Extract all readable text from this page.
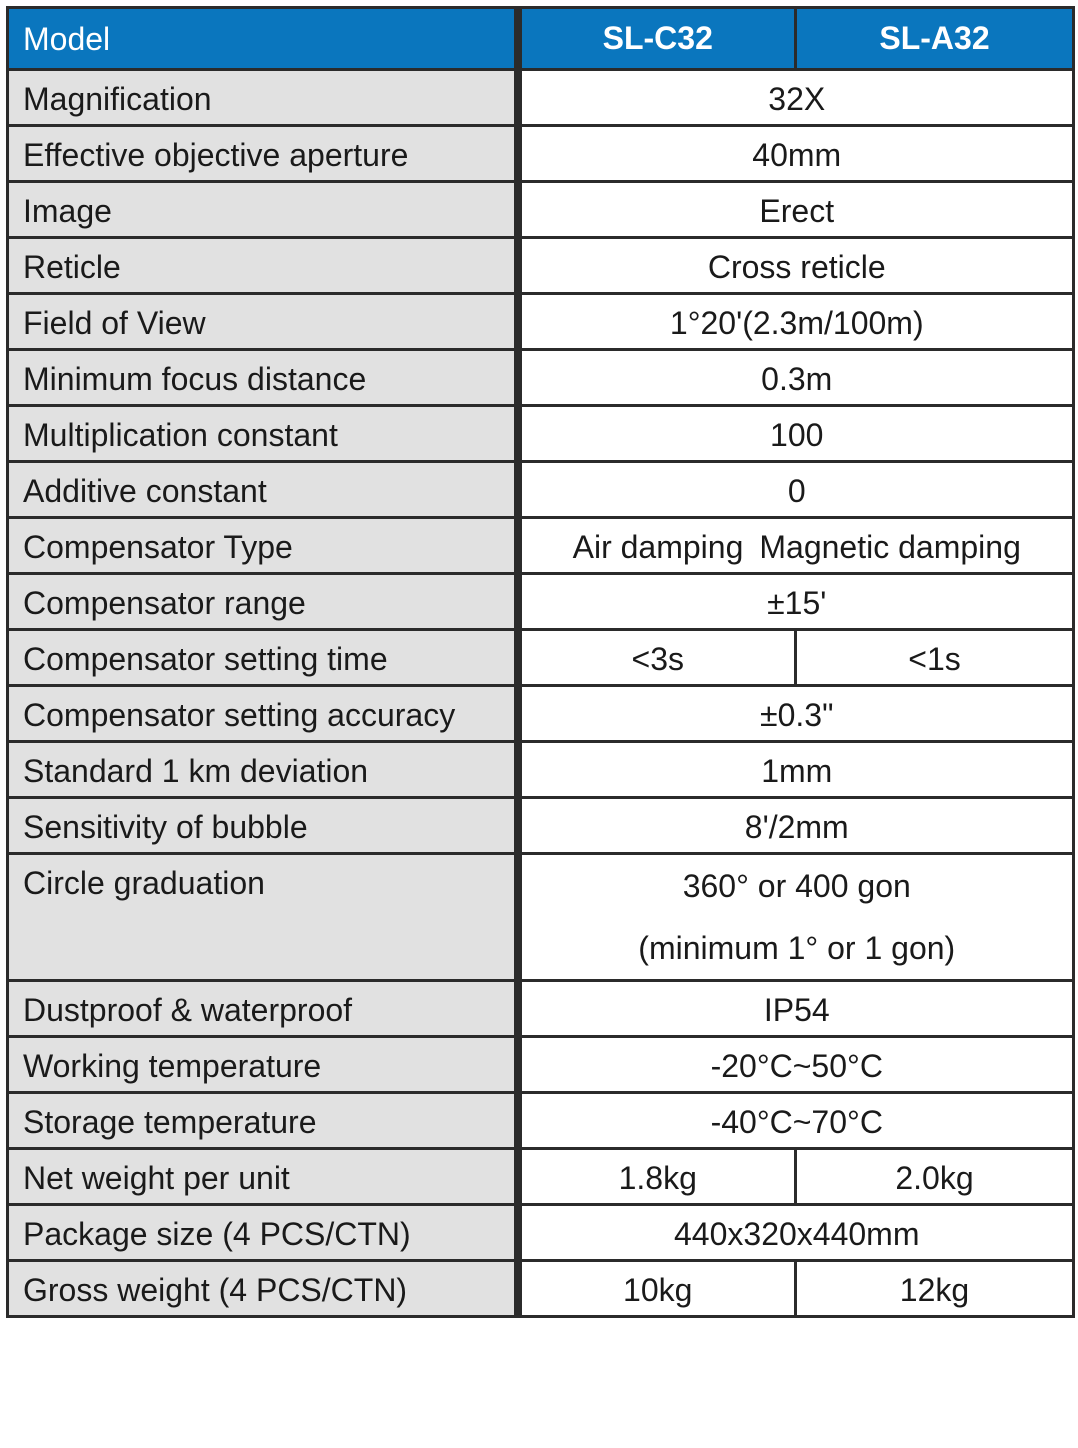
Model	SL-C32	SL-A32
Magnification	32X	
Effective objective aperture	40mm	
Image	Erect	
Reticle	Cross reticle	
Field of View	1°20'(2.3m/100m)	
Minimum focus distance	0.3m	
Multiplication constant	100	
Additive constant	0	
Compensator Type	Air damping Magnetic damping	
Compensator range	±15'	
Compensator setting time	<3s	<1s
Compensator setting accuracy	±0.3"	
Standard 1 km deviation	1mm	
Sensitivity of bubble	8'/2mm	
Circle graduation	360° or 400 gon
(minimum 1° or 1 gon)	

Dustproof & waterproof	IP54	
Working temperature	-20°C~50°C	
Storage temperature	-40°C~70°C	
Net weight per unit	1.8kg	2.0kg
Package size (4 PCS/CTN)	440x320x440mm	
Gross weight (4 PCS/CTN)	10kg	12kg
